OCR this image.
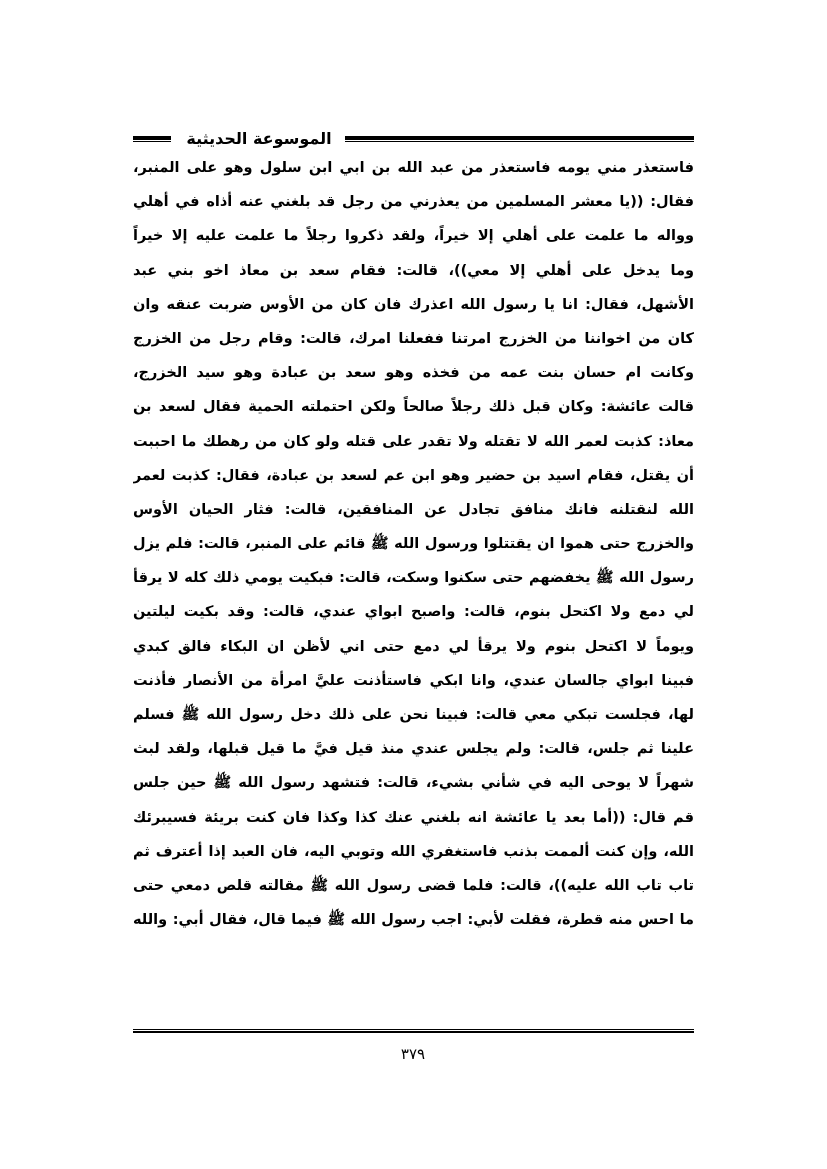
الموسوعة الحديثية
فاستعذر مني يومه فاستعذر من عبد الله بن ابي ابن سلول وهو على المنبر،
فقال: ((يا معشر المسلمين من يعذرني من رجل قد بلغني عنه أذاه في أهلي
وواله ما علمت على أهلي إلا خيراً، ولقد ذكروا رجلاً ما علمت عليه إلا خيراً
وما يدخل على أهلي إلا معي))، قالت: فقام سعد بن معاذ اخو بني عبد
الأشهل، فقال: انا يا رسول الله اعذرك فان كان من الأوس ضربت عنقه وان
كان من اخواننا من الخزرج امرتنا ففعلنا امرك، قالت: وقام رجل من الخزرج
وكانت ام حسان بنت عمه من فخذه وهو سعد بن عبادة وهو سيد الخزرج،
قالت عائشة: وكان قبل ذلك رجلاً صالحاً ولكن احتملته الحمية فقال لسعد بن
معاذ: كذبت لعمر الله لا تقتله ولا تقدر على قتله ولو كان من رهطك ما احببت
أن يقتل، فقام اسيد بن حضير وهو ابن عم لسعد بن عبادة، فقال: كذبت لعمر
الله لنقتلنه فانك منافق تجادل عن المنافقين، قالت: فثار الحيان الأوس
والخزرج حتى هموا ان يقتتلوا ورسول الله ﷺ قائم على المنبر، قالت: فلم يزل
رسول الله ﷺ يخفضهم حتى سكنوا وسكت، قالت: فبكيت يومي ذلك كله لا يرقأ
لي دمع ولا اكتحل بنوم، قالت: واصبح ابواي عندي، قالت: وقد بكيت ليلتين
ويوماً لا اكتحل بنوم ولا يرقأ لي دمع حتى اني لأظن ان البكاء فالق كبدي
فبينا ابواي جالسان عندي، وانا ابكي فاستأذنت عليَّ امرأة من الأنصار فأذنت
لها، فجلست تبكي معي قالت: فبينا نحن على ذلك دخل رسول الله ﷺ فسلم
علينا ثم جلس، قالت: ولم يجلس عندي منذ قيل فيَّ ما قيل قبلها، ولقد لبث
شهراً لا يوحى اليه في شأني بشيء، قالت: فتشهد رسول الله ﷺ حين جلس
قم قال: ((أما بعد يا عائشة انه بلغني عنك كذا وكذا فان كنت بريئة فسيبرئك
الله، وإن كنت ألممت بذنب فاستغفري الله وتوبي اليه، فان العبد إذا أعترف ثم
تاب تاب الله عليه))، قالت: فلما قضى رسول الله ﷺ مقالته قلص دمعي حتى
ما احس منه قطرة، فقلت لأبي: اجب رسول الله ﷺ فيما قال، فقال أبي: والله
٣٧٩
